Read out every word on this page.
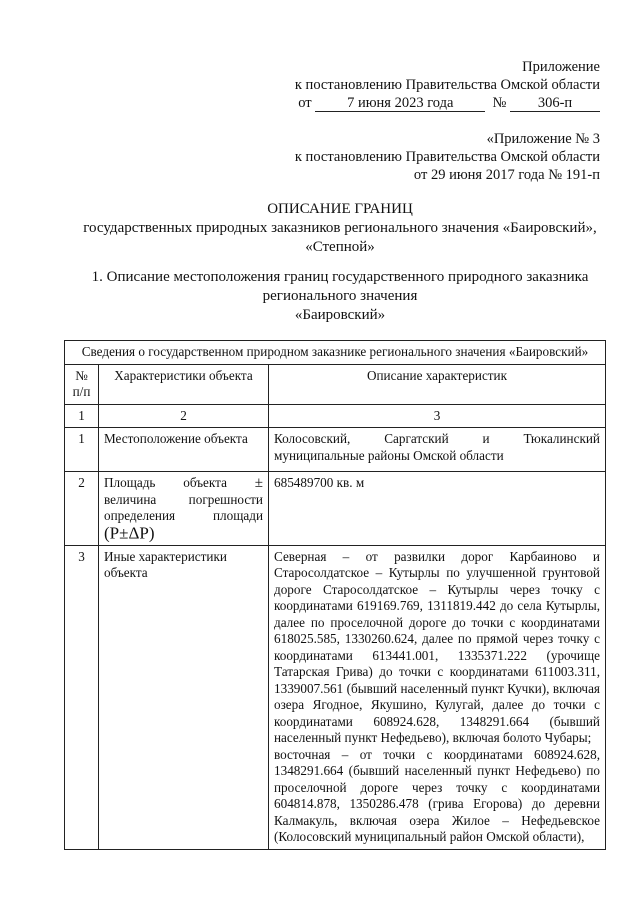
Приложение
к постановлению Правительства Омской области
от 7 июня 2023 года	№ 306-п
«Приложение № 3
к постановлению Правительства Омской области
от 29 июня 2017 года № 191-п
ОПИСАНИЕ ГРАНИЦ
государственных природных заказников регионального значения «Баировский»,
«Степной»
1. Описание местоположения границ государственного природного заказника
регионального значения
«Баировский»
Сведения о государственном природном заказнике регионального значения «Баировский»		
№ п/п	Характеристики объекта	Описание характеристик
1	2	3
1	Местоположение объекта	Колосовский, Саргатский и Тюкалинский муниципальные районы Омской области
2	Площадь объекта ± величина погрешности определения площади (P±ΔP)	685489700 кв. м
3	Иные характеристики объекта	Северная – от развилки дорог Карбаиново и Старосолдатское – Кутырлы по улучшенной грунтовой дороге Старосолдатское – Кутырлы через точку с координатами 619169.769, 1311819.442 до села Кутырлы, далее по проселочной дороге до точки с координатами 618025.585, 1330260.624, далее по прямой через точку с координатами 613441.001, 1335371.222 (урочище Татарская Грива) до точки с координатами 611003.311, 1339007.561 (бывший населенный пункт Кучки), включая озера Ягодное, Якушино, Кулугай, далее до точки с координатами 608924.628, 1348291.664 (бывший населенный пункт Нефедьево), включая болото Чубары;
восточная – от точки с координатами 608924.628, 1348291.664 (бывший населенный пункт Нефедьево) по проселочной дороге через точку с координатами 604814.878, 1350286.478 (грива Егорова) до деревни Калмакуль, включая озера Жилое – Нефедьевское (Колосовский муниципальный район Омской области),
